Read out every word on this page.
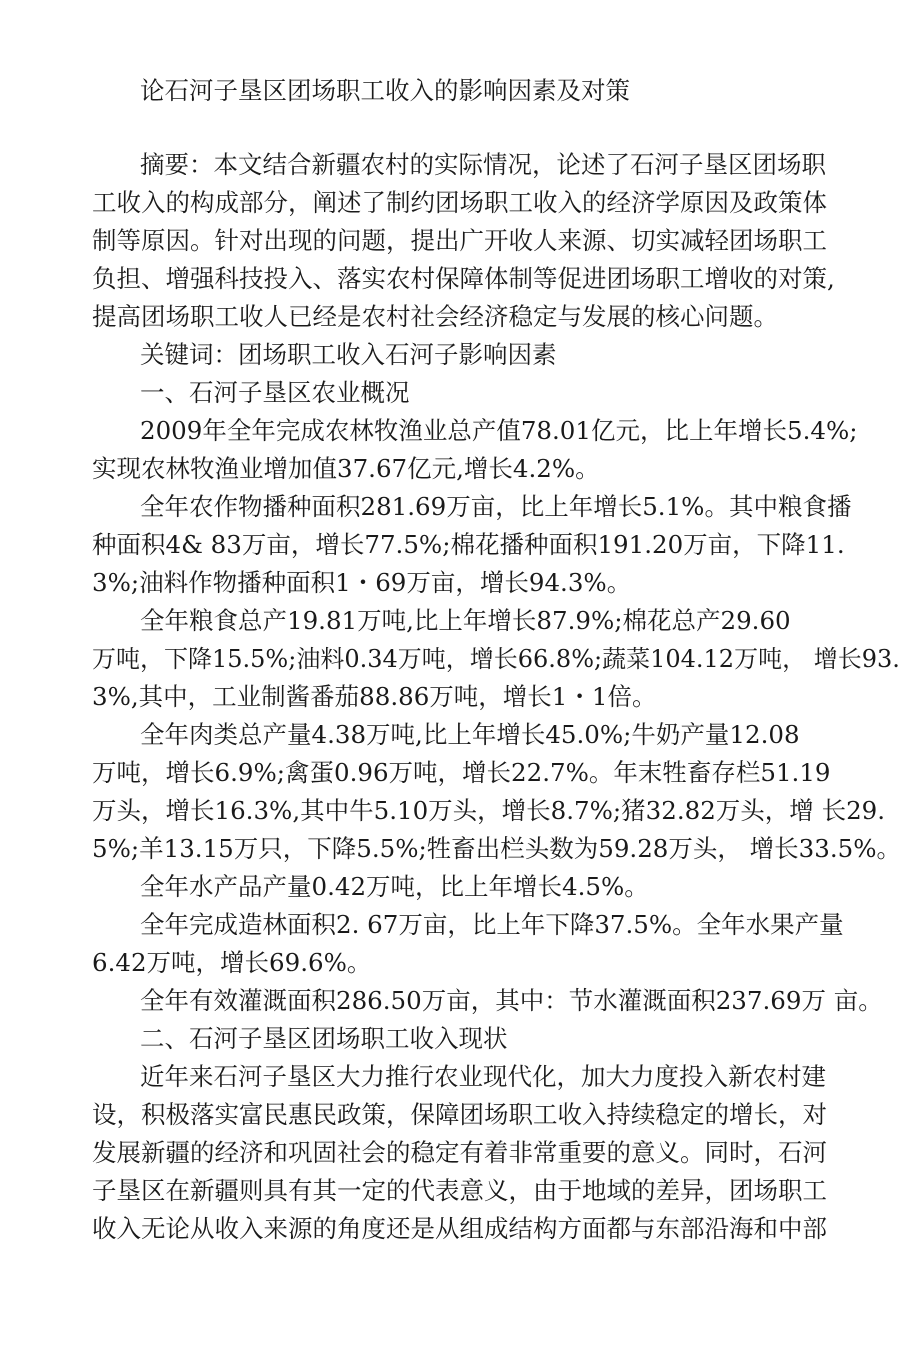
论石河子垦区团场职工收入的影响因素及对策
摘要：本文结合新疆农村的实际情况，论述了石河子垦区团场职
工收入的构成部分，阐述了制约团场职工收入的经济学原因及政策体
制等原因。针对出现的问题，提出广开收人来源、切实减轻团场职工
负担、增强科技投入、落实农村保障体制等促进团场职工增收的对策,
提高团场职工收人已经是农村社会经济稳定与发展的核心问题。
关键词：团场职工收入石河子影响因素
一、石河子垦区农业概况
2009年全年完成农林牧渔业总产值78.01亿元，比上年增长5.4%;
实现农林牧渔业增加值37.67亿元,增长4.2%。
全年农作物播种面积281.69万亩，比上年增长5.1%。其中粮食播
种面积4& 83万亩，增长77.5%;棉花播种面积191.20万亩，下降11.
3%;油料作物播种面积1・69万亩，增长94.3%。
全年粮食总产19.81万吨,比上年增长87.9%;棉花总产29.60
万吨，下降15.5%;油料0.34万吨，增长66.8%;蔬菜104.12万吨， 增长93.
3%,其中，工业制酱番茄88.86万吨，增长1・1倍。
全年肉类总产量4.38万吨,比上年增长45.0%;牛奶产量12.08
万吨，增长6.9%;禽蛋0.96万吨，增长22.7%。年末牲畜存栏51.19
万头，增长16.3%,其中牛5.10万头，增长8.7%;猪32.82万头，增 长29.
5%;羊13.15万只，下降5.5%;牲畜出栏头数为59.28万头， 增长33.5%。
全年水产品产量0.42万吨，比上年增长4.5%。
全年完成造林面积2. 67万亩，比上年下降37.5%。全年水果产量
6.42万吨，增长69.6%。
全年有效灌溉面积286.50万亩，其中：节水灌溉面积237.69万 亩。
二、石河子垦区团场职工收入现状
近年来石河子垦区大力推行农业现代化，加大力度投入新农村建
设，积极落实富民惠民政策，保障团场职工收入持续稳定的增长，对
发展新疆的经济和巩固社会的稳定有着非常重要的意义。同时，石河
子垦区在新疆则具有其一定的代表意义，由于地域的差异，团场职工
收入无论从收入来源的角度还是从组成结构方面都与东部沿海和中部
